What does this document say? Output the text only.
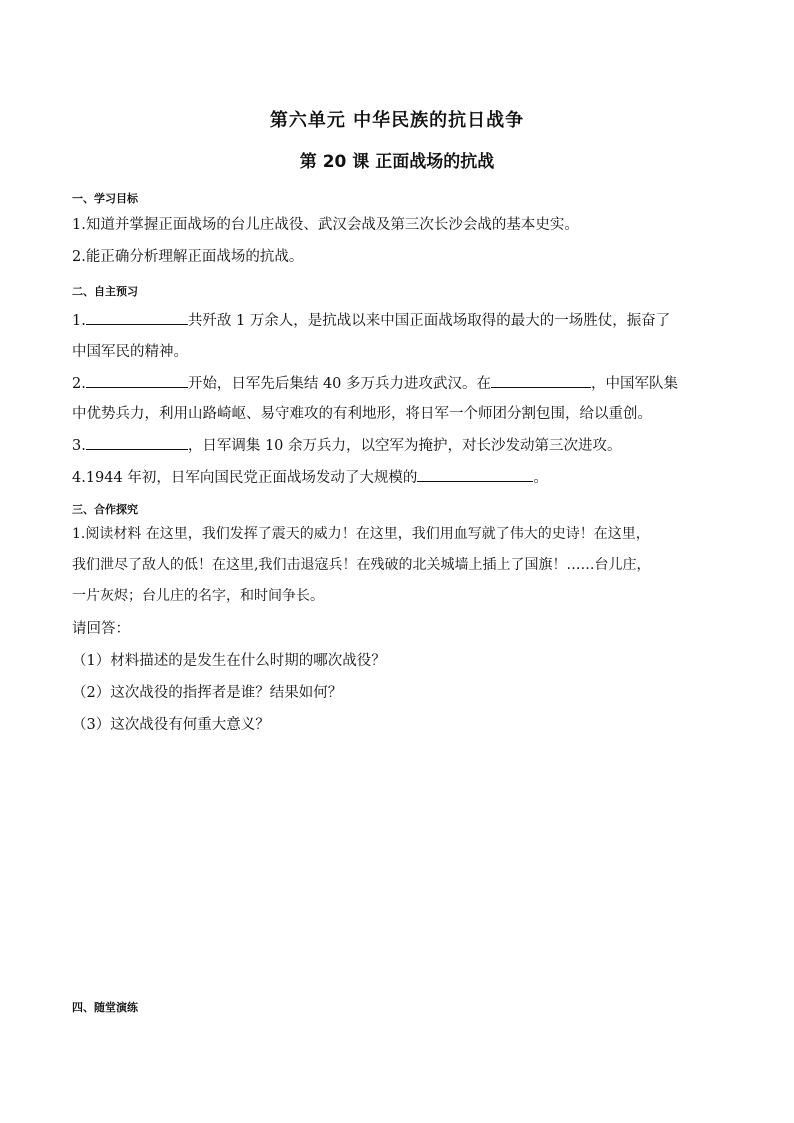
第六单元 中华民族的抗日战争
第 20 课 正面战场的抗战
一、学习目标
1.知道并掌握正面战场的台儿庄战役、武汉会战及第三次长沙会战的基本史实。
2.能正确分析理解正面战场的抗战。
二、自主预习
1.	共歼敌 1 万余人，是抗战以来中国正面战场取得的最大的一场胜仗，振奋了
中国军民的精神。
2.	开始，日军先后集结 40 多万兵力进攻武汉。在	，中国军队集
中优势兵力，利用山路崎岖、易守难攻的有利地形，将日军一个师团分割包围，给以重创。
3.	，日军调集 10 余万兵力，以空军为掩护，对长沙发动第三次进攻。
4.1944 年初，日军向国民党正面战场发动了大规模的	。
三、合作探究
1.阅读材料 在这里，我们发挥了震天的威力！在这里，我们用血写就了伟大的史诗！在这里，
我们泄尽了敌人的低！在这里,我们击退寇兵！在残破的北关城墙上插上了国旗！……台儿庄，
一片灰烬；台儿庄的名字，和时间争长。
请回答：
（1）材料描述的是发生在什么时期的哪次战役？
（2）这次战役的指挥者是谁？结果如何？
（3）这次战役有何重大意义？
四、随堂演练
